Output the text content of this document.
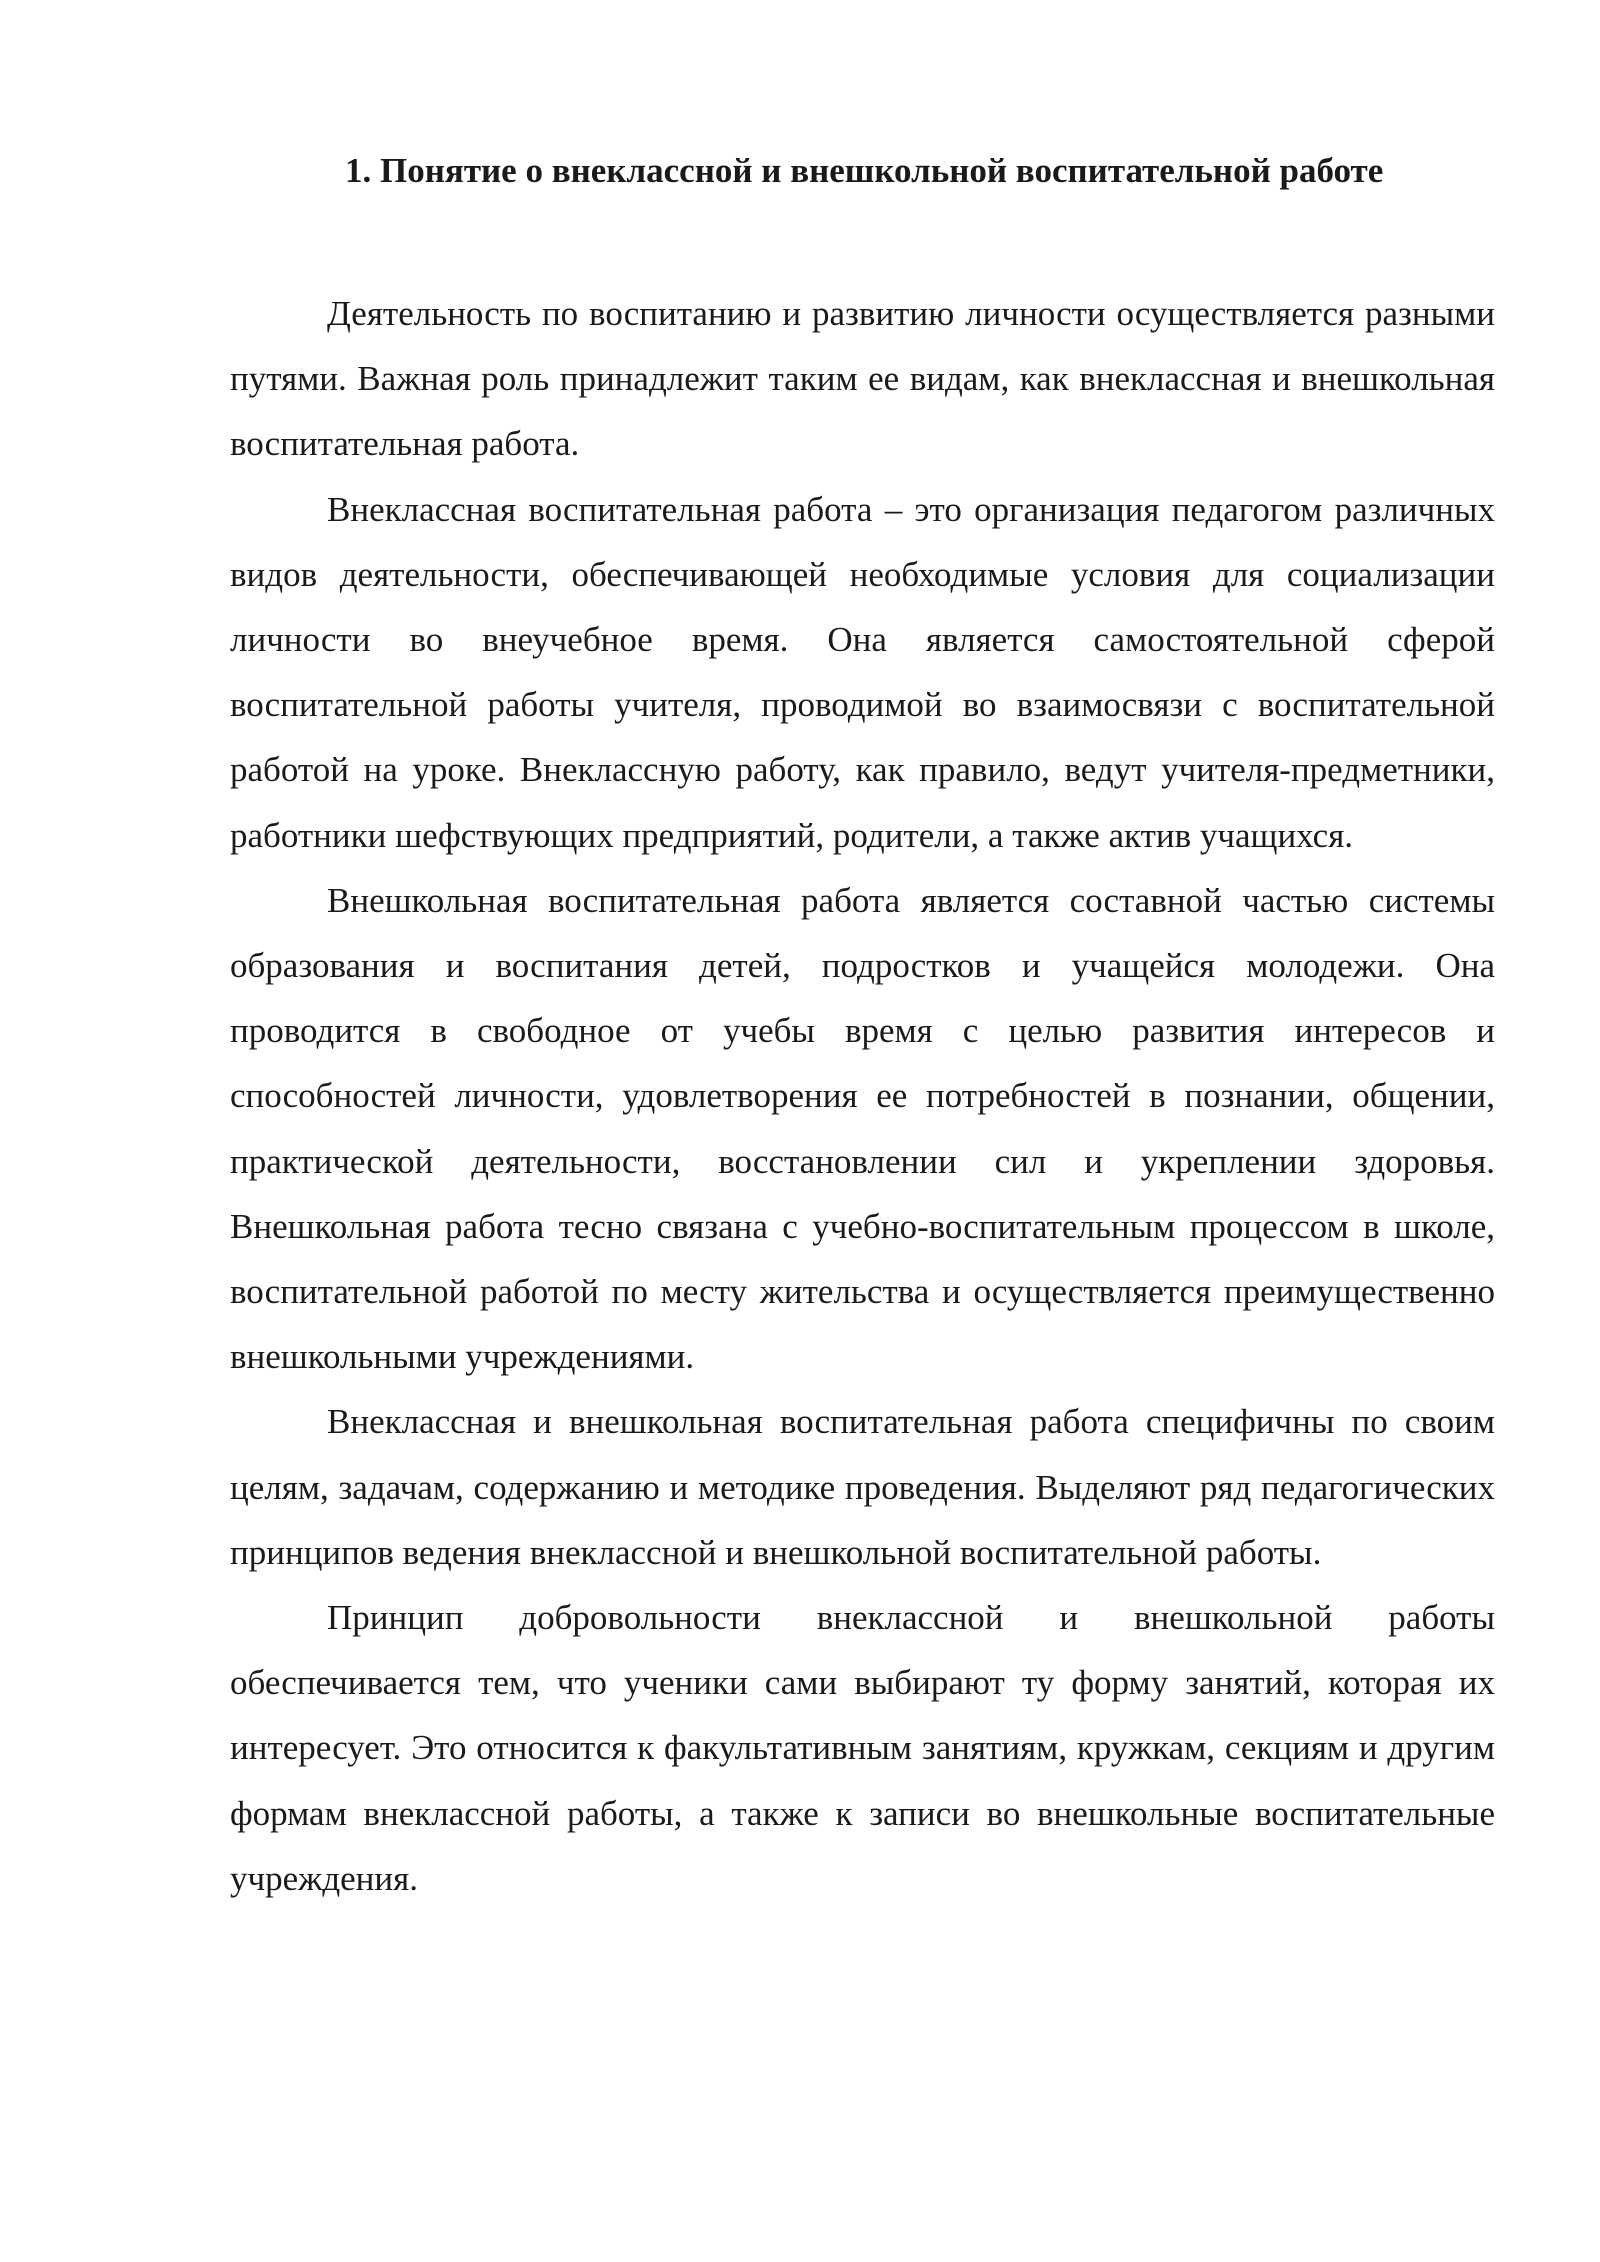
1. Понятие о внеклассной и внешкольной воспитательной работе

Деятельность по воспитанию и развитию личности осуществляется разными путями. Важная роль принадлежит таким ее видам, как внеклассная и внешкольная воспитательная работа.

Внеклассная воспитательная работа – это организация педагогом различных видов деятельности, обеспечивающей необходимые условия для социализации личности во внеучебное время. Она является самостоятельной сферой воспитательной работы учителя, проводимой во взаимосвязи с воспитательной работой на уроке. Внеклассную работу, как правило, ведут учителя-предметники, работники шефствующих предприятий, родители, а также актив учащихся.

Внешкольная воспитательная работа является составной частью системы образования и воспитания детей, подростков и учащейся молодежи. Она проводится в свободное от учебы время с целью развития интересов и способностей личности, удовлетворения ее потребностей в познании, общении, практической деятельности, восстановлении сил и укреплении здоровья. Внешкольная работа тесно связана с учебно-воспитательным процессом в школе, воспитательной работой по месту жительства и осуществляется преимущественно внешкольными учреждениями.

Внеклассная и внешкольная воспитательная работа специфичны по своим целям, задачам, содержанию и методике проведения. Выделяют ряд педагогических принципов ведения внеклассной и внешкольной воспитательной работы.

Принцип добровольности внеклассной и внешкольной работы обеспечивается тем, что ученики сами выбирают ту форму занятий, которая их интересует. Это относится к факультативным занятиям, кружкам, секциям и другим формам внеклассной работы, а также к записи во внешкольные воспитательные учреждения.
